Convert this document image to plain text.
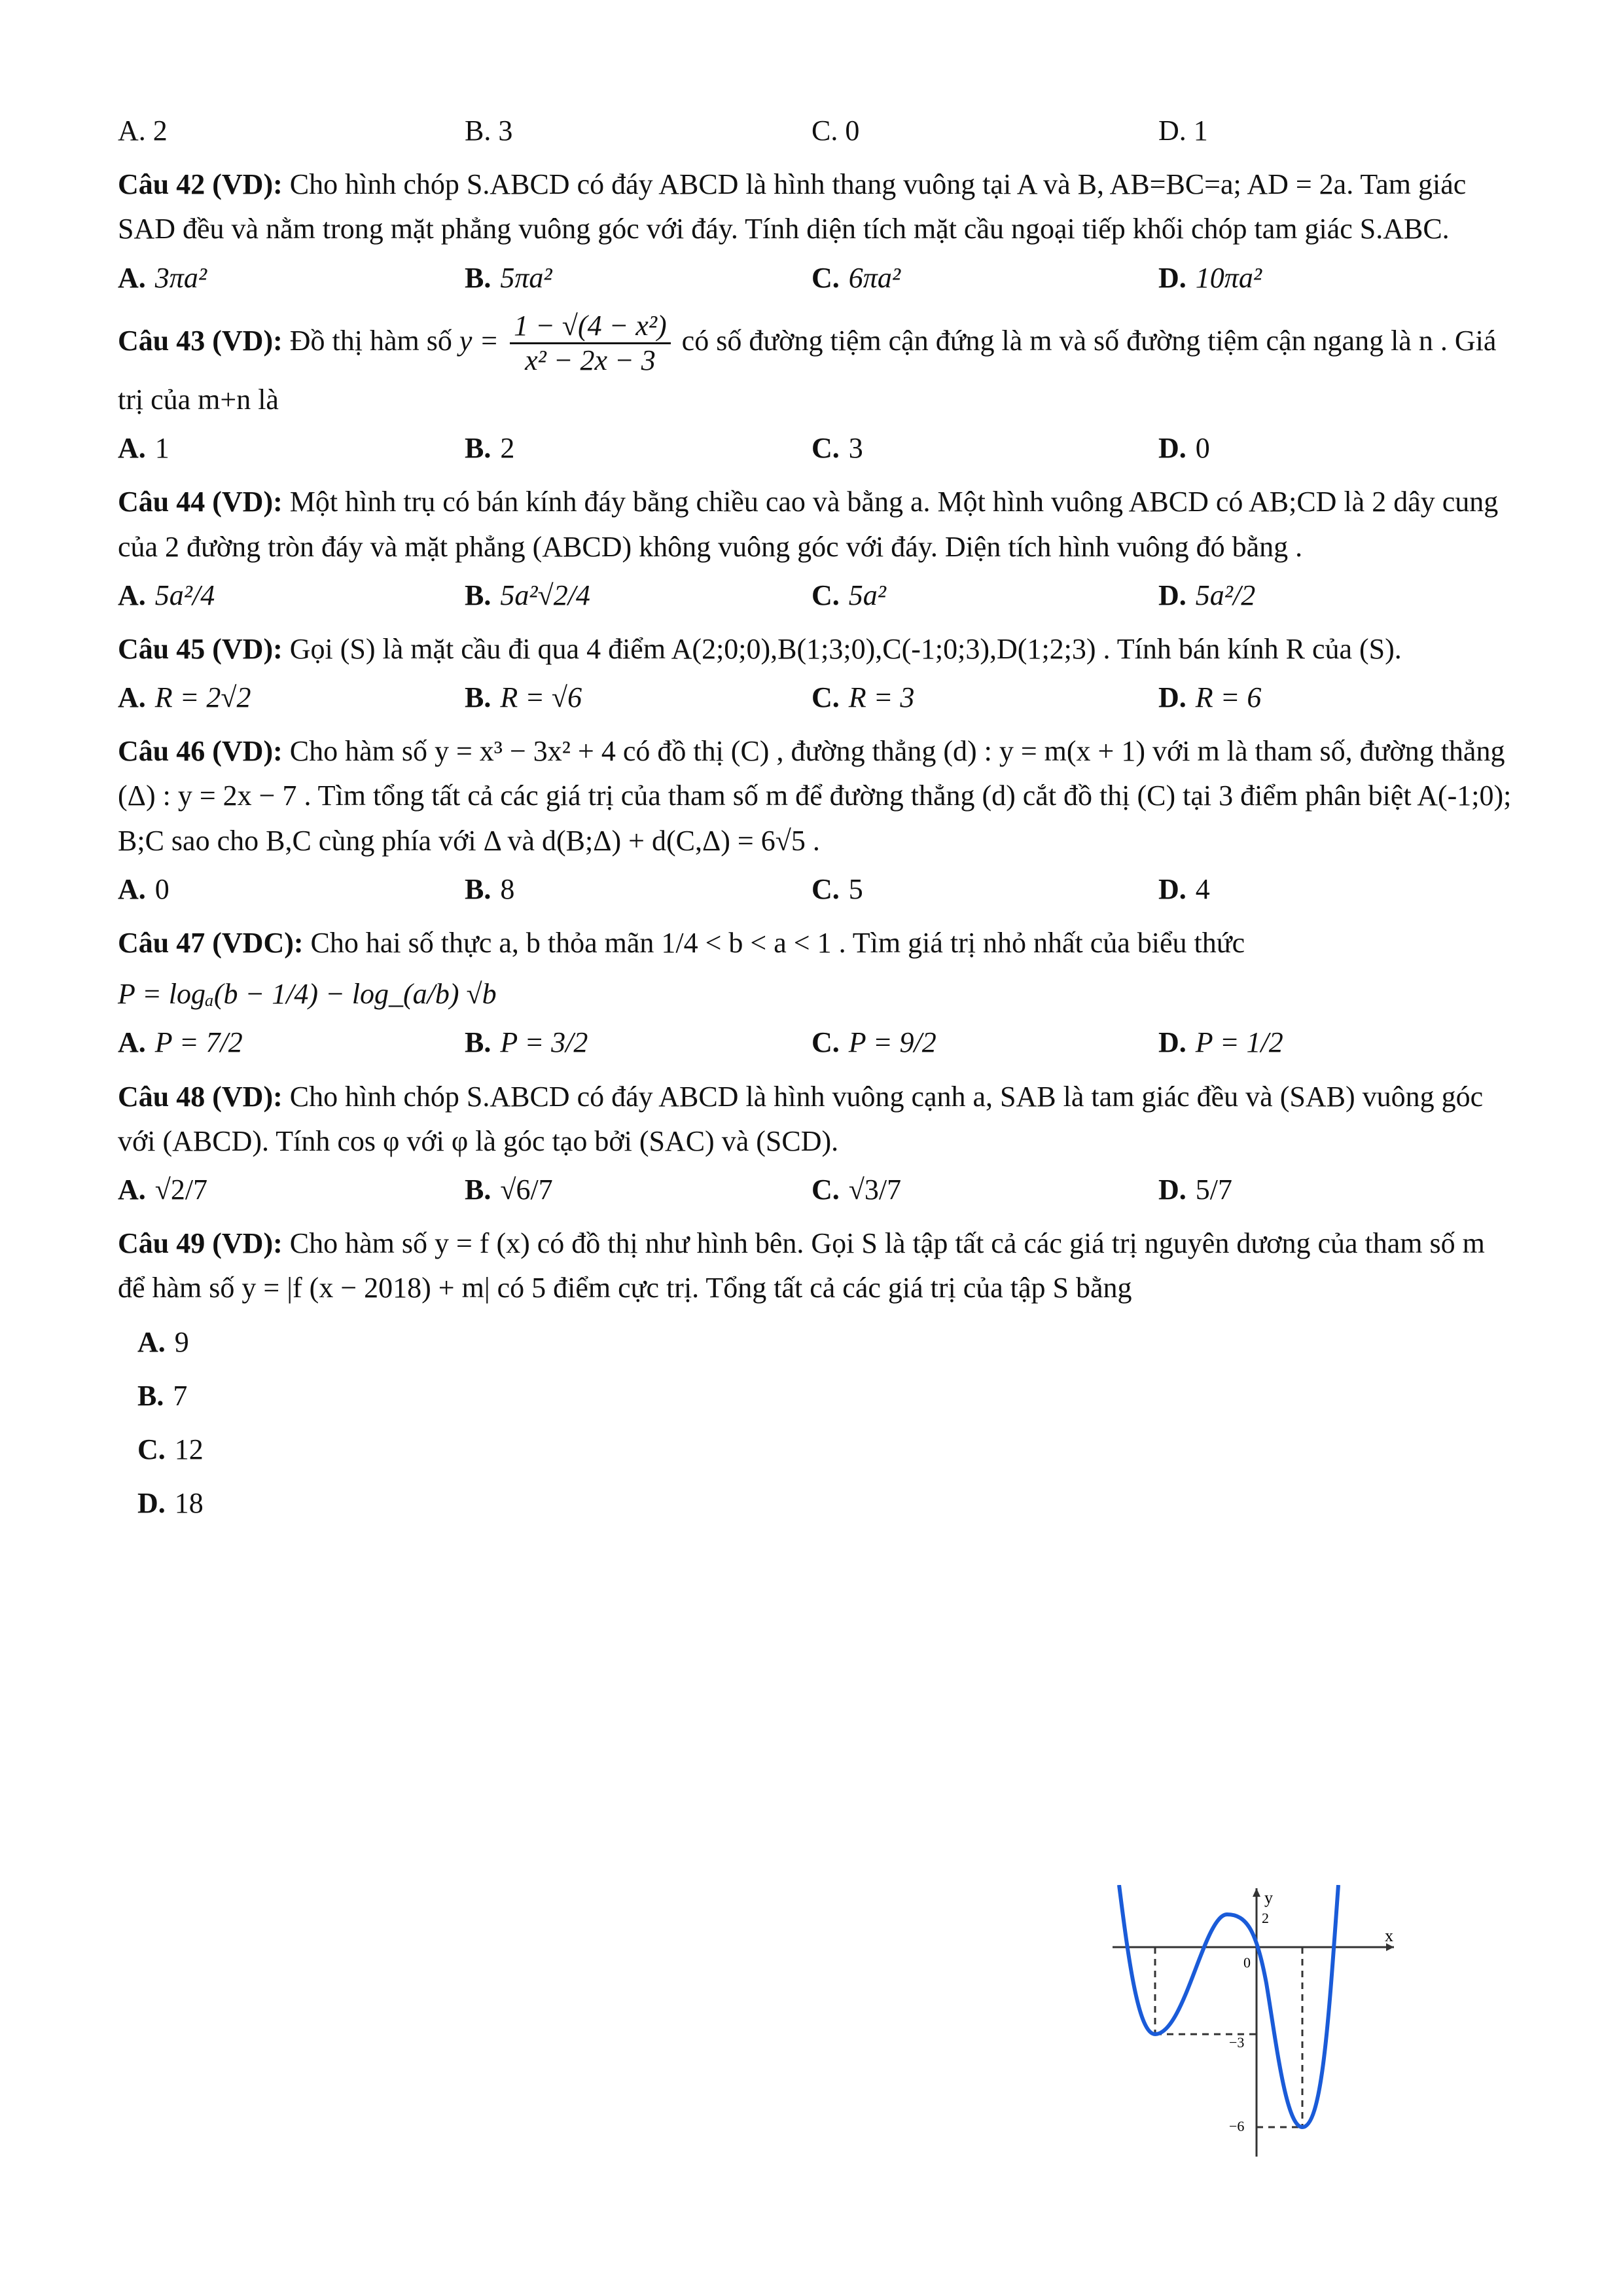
A. 2	B. 3	C. 0	D. 1
Câu 42 (VD): Cho hình chóp S.ABCD có đáy ABCD là hình thang vuông tại A và B, AB=BC=a; AD = 2a. Tam giác SAD đều và nằm trong mặt phẳng vuông góc với đáy. Tính diện tích mặt cầu ngoại tiếp khối chóp tam giác S.ABC.
A. 3πa²	B. 5πa²	C. 6πa²	D. 10πa²
Câu 43 (VD): Đồ thị hàm số $y = \frac{\text{1 − √(4 − x²)}}{\text{x² − 2x − 3}}$ có số đường tiệm cận đứng là m và số đường tiệm cận ngang là n . Giá trị của m+n là
A. 1	B. 2	C. 3	D. 0
Câu 44 (VD): Một hình trụ có bán kính đáy bằng chiều cao và bằng a. Một hình vuông ABCD có AB;CD là 2 dây cung của 2 đường tròn đáy và mặt phẳng (ABCD) không vuông góc với đáy. Diện tích hình vuông đó bằng .
A. 5a²/4	B. 5a²√2/4	C. 5a²	D. 5a²/2
Câu 45 (VD): Gọi (S) là mặt cầu đi qua 4 điểm A(2;0;0),B(1;3;0),C(-1;0;3),D(1;2;3) . Tính bán kính R của (S).
A. R = 2√2	B. R = √6	C. R = 3	D. R = 6
Câu 46 (VD): Cho hàm số y = x³ − 3x² + 4 có đồ thị (C) , đường thẳng (d) : y = m(x + 1) với m là tham số, đường thẳng (Δ) : y = 2x − 7 . Tìm tổng tất cả các giá trị của tham số m để đường thẳng (d) cắt đồ thị (C) tại 3 điểm phân biệt A(-1;0); B;C sao cho B,C cùng phía với Δ và d(B;Δ) + d(C,Δ) = 6√5 .
A. 0	B. 8	C. 5	D. 4
Câu 47 (VDC): Cho hai số thực a, b thỏa mãn 1/4 < b < a < 1 . Tìm giá trị nhỏ nhất của biểu thức
P = logₐ(b − 1/4) − log_(a/b) √b
A. P = 7/2	B. P = 3/2	C. P = 9/2	D. P = 1/2
Câu 48 (VD): Cho hình chóp S.ABCD có đáy ABCD là hình vuông cạnh a, SAB là tam giác đều và (SAB) vuông góc với (ABCD). Tính cos φ với φ là góc tạo bởi (SAC) và (SCD).
A. √2/7	B. √6/7	C. √3/7	D. 5/7
Câu 49 (VD): Cho hàm số y = f (x) có đồ thị như hình bên. Gọi S là tập tất cả các giá trị nguyên dương của tham số m để hàm số y = |f (x − 2018) + m| có 5 điểm cực trị. Tổng tất cả các giá trị của tập S bằng
A. 9
B. 7
C. 12
D. 18
y
x
2
0
−3
−6
